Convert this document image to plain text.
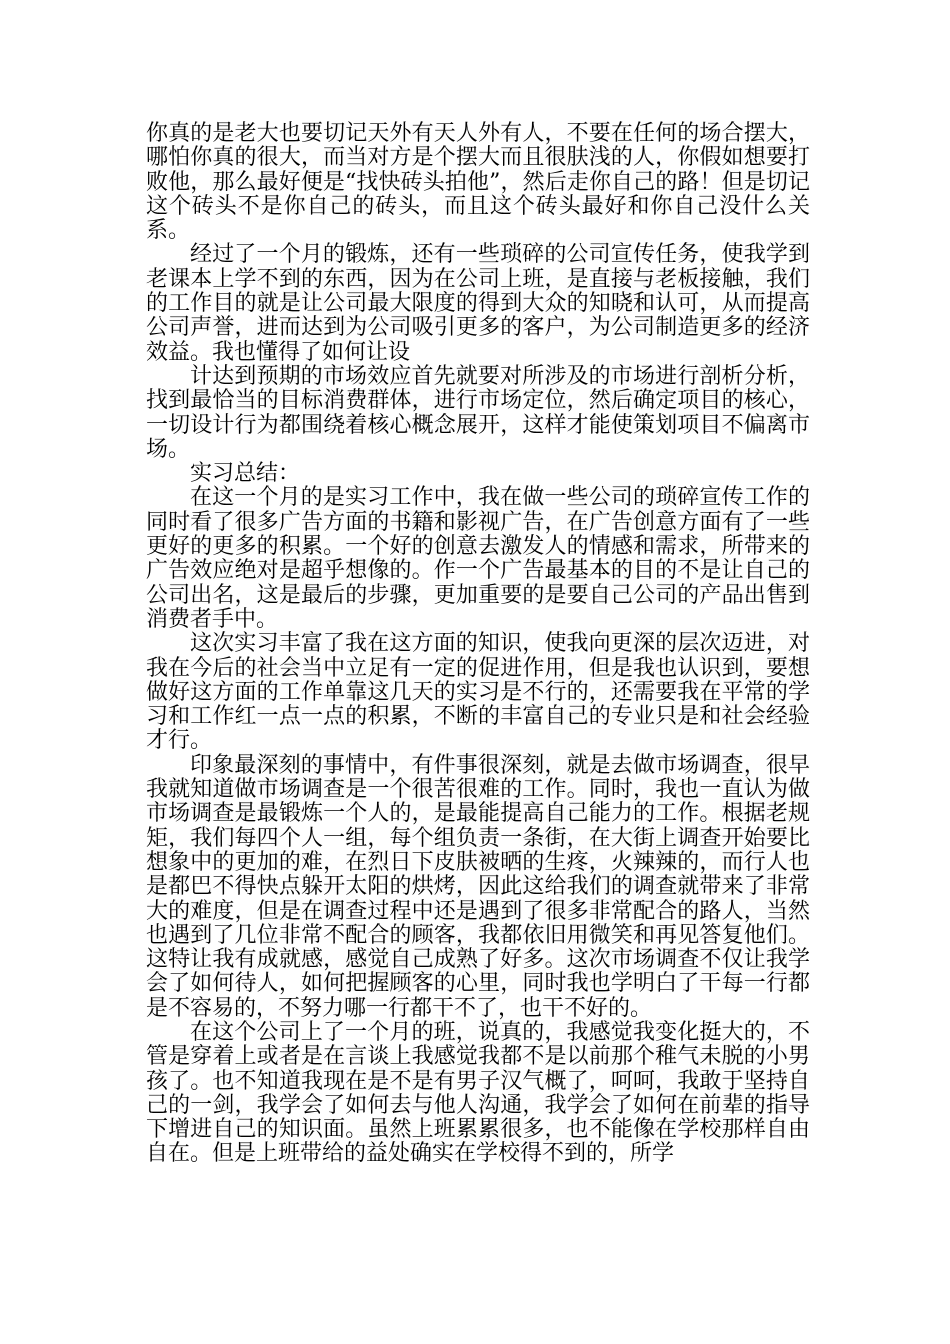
你真的是老大也要切记天外有天人外有人，不要在任何的场合摆大，哪怕你真的很大，而当对方是个摆大而且很肤浅的人，你假如想要打败他，那么最好便是“找快砖头拍他”，然后走你自己的路！但是切记这个砖头不是你自己的砖头，而且这个砖头最好和你自己没什么关系。

经过了一个月的锻炼，还有一些琐碎的公司宣传任务，使我学到老课本上学不到的东西，因为在公司上班，是直接与老板接触，我们的工作目的就是让公司最大限度的得到大众的知晓和认可，从而提高公司声誉，进而达到为公司吸引更多的客户，为公司制造更多的经济效益。我也懂得了如何让设

计达到预期的市场效应首先就要对所涉及的市场进行剖析分析，找到最恰当的目标消费群体，进行市场定位，然后确定项目的核心，一切设计行为都围绕着核心概念展开，这样才能使策划项目不偏离市场。

实习总结：

在这一个月的是实习工作中，我在做一些公司的琐碎宣传工作的同时看了很多广告方面的书籍和影视广告，在广告创意方面有了一些更好的更多的积累。一个好的创意去激发人的情感和需求，所带来的广告效应绝对是超乎想像的。作一个广告最基本的目的不是让自己的公司出名，这是最后的步骤，更加重要的是要自己公司的产品出售到消费者手中。

这次实习丰富了我在这方面的知识，使我向更深的层次迈进，对我在今后的社会当中立足有一定的促进作用，但是我也认识到，要想做好这方面的工作单靠这几天的实习是不行的，还需要我在平常的学习和工作红一点一点的积累，不断的丰富自己的专业只是和社会经验才行。

印象最深刻的事情中，有件事很深刻，就是去做市场调查，很早我就知道做市场调查是一个很苦很难的工作。同时，我也一直认为做市场调查是最锻炼一个人的，是最能提高自己能力的工作。根据老规矩，我们每四个人一组，每个组负责一条街，在大街上调查开始要比想象中的更加的难，在烈日下皮肤被晒的生疼，火辣辣的，而行人也是都巴不得快点躲开太阳的烘烤，因此这给我们的调查就带来了非常大的难度，但是在调查过程中还是遇到了很多非常配合的路人，当然也遇到了几位非常不配合的顾客，我都依旧用微笑和再见答复他们。这特让我有成就感，感觉自己成熟了好多。这次市场调查不仅让我学会了如何待人，如何把握顾客的心里，同时我也学明白了干每一行都是不容易的，不努力哪一行都干不了，也干不好的。

在这个公司上了一个月的班，说真的，我感觉我变化挺大的，不管是穿着上或者是在言谈上我感觉我都不是以前那个稚气未脱的小男孩了。也不知道我现在是不是有男子汉气概了，呵呵，我敢于坚持自己的一剑，我学会了如何去与他人沟通，我学会了如何在前辈的指导下增进自己的知识面。虽然上班累累很多，也不能像在学校那样自由自在。但是上班带给的益处确实在学校得不到的，所学
